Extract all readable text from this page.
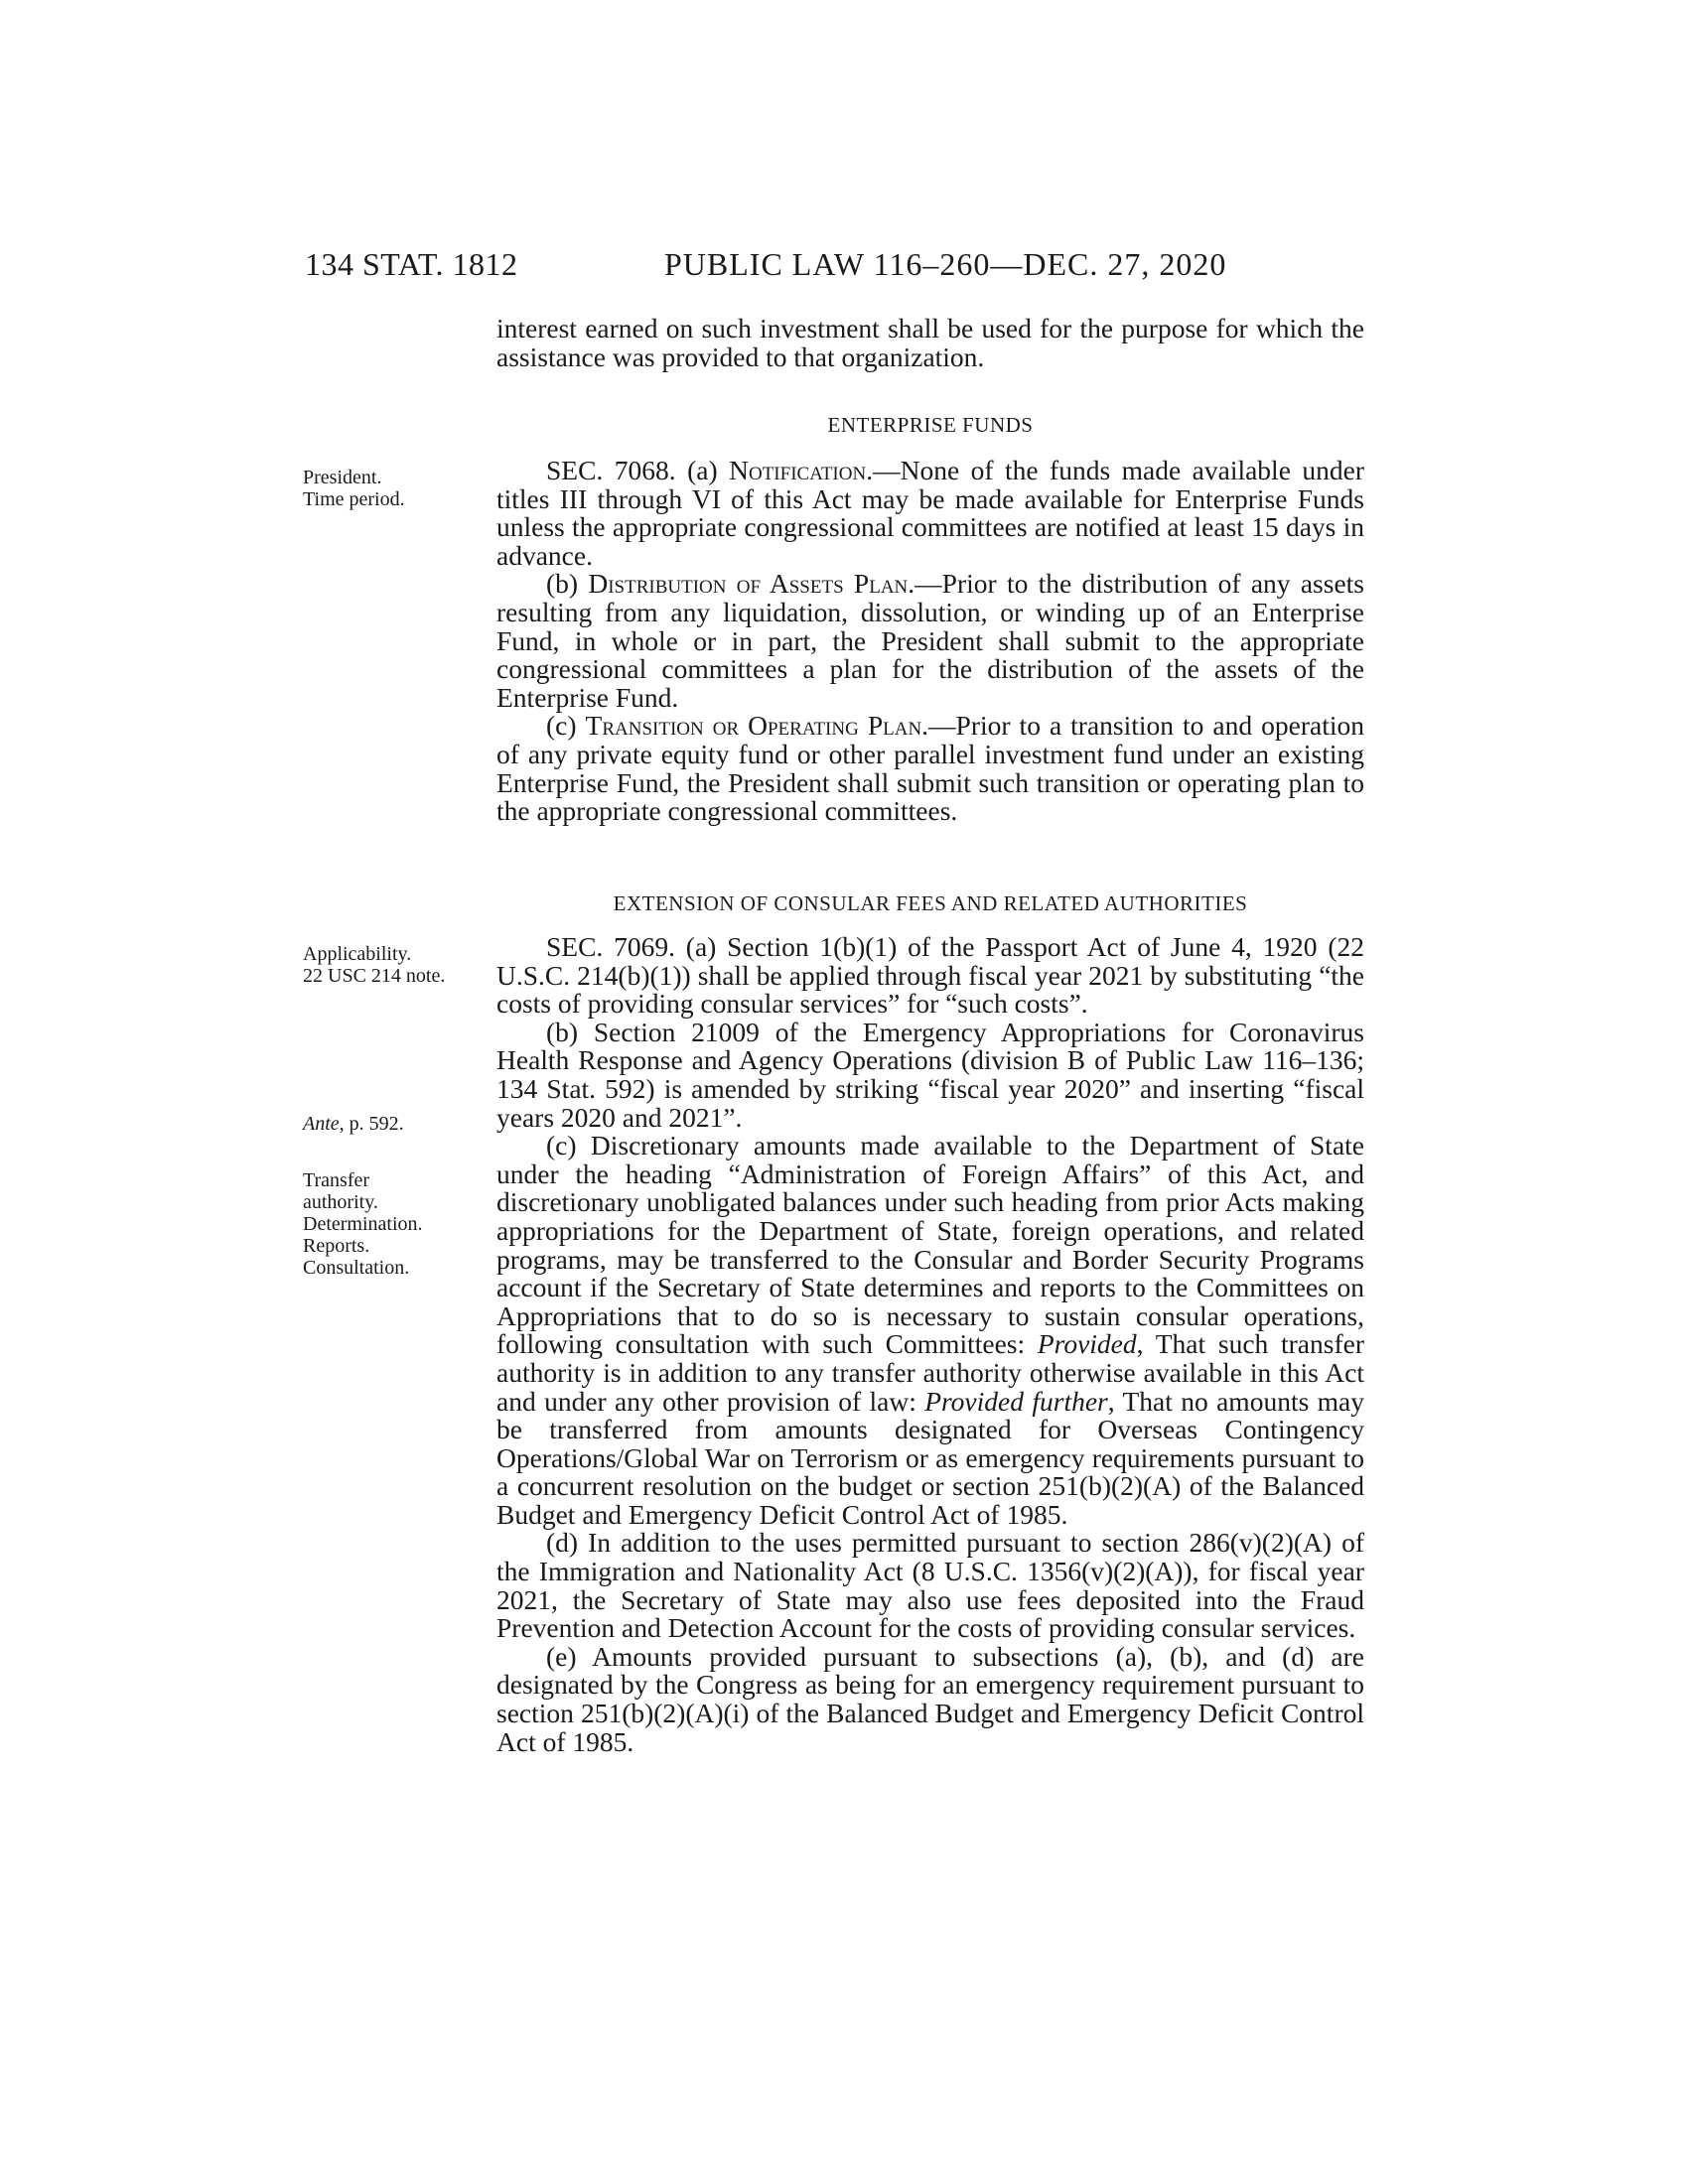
134 STAT. 1812	PUBLIC LAW 116–260—DEC. 27, 2020

interest earned on such investment shall be used for the purpose for which the assistance was provided to that organization.

ENTERPRISE FUNDS
President.
Time period.

SEC. 7068. (a) Notification.—None of the funds made available under titles III through VI of this Act may be made available for Enterprise Funds unless the appropriate congressional committees are notified at least 15 days in advance.

(b) Distribution of Assets Plan.—Prior to the distribution of any assets resulting from any liquidation, dissolution, or winding up of an Enterprise Fund, in whole or in part, the President shall submit to the appropriate congressional committees a plan for the distribution of the assets of the Enterprise Fund.

(c) Transition or Operating Plan.—Prior to a transition to and operation of any private equity fund or other parallel investment fund under an existing Enterprise Fund, the President shall submit such transition or operating plan to the appropriate congressional committees.

EXTENSION OF CONSULAR FEES AND RELATED AUTHORITIES
Applicability.
22 USC 214 note.
Ante, p. 592.
Transfer
authority.
Determination.
Reports.
Consultation.

SEC. 7069. (a) Section 1(b)(1) of the Passport Act of June 4, 1920 (22 U.S.C. 214(b)(1)) shall be applied through fiscal year 2021 by substituting “the costs of providing consular services” for “such costs”.

(b) Section 21009 of the Emergency Appropriations for Coronavirus Health Response and Agency Operations (division B of Public Law 116–136; 134 Stat. 592) is amended by striking “fiscal year 2020” and inserting “fiscal years 2020 and 2021”.

(c) Discretionary amounts made available to the Department of State under the heading “Administration of Foreign Affairs” of this Act, and discretionary unobligated balances under such heading from prior Acts making appropriations for the Department of State, foreign operations, and related programs, may be transferred to the Consular and Border Security Programs account if the Secretary of State determines and reports to the Committees on Appropriations that to do so is necessary to sustain consular operations, following consultation with such Committees: Provided, That such transfer authority is in addition to any transfer authority otherwise available in this Act and under any other provision of law: Provided further, That no amounts may be transferred from amounts designated for Overseas Contingency Operations/Global War on Terrorism or as emergency requirements pursuant to a concurrent resolution on the budget or section 251(b)(2)(A) of the Balanced Budget and Emergency Deficit Control Act of 1985.

(d) In addition to the uses permitted pursuant to section 286(v)(2)(A) of the Immigration and Nationality Act (8 U.S.C. 1356(v)(2)(A)), for fiscal year 2021, the Secretary of State may also use fees deposited into the Fraud Prevention and Detection Account for the costs of providing consular services.

(e) Amounts provided pursuant to subsections (a), (b), and (d) are designated by the Congress as being for an emergency requirement pursuant to section 251(b)(2)(A)(i) of the Balanced Budget and Emergency Deficit Control Act of 1985.
